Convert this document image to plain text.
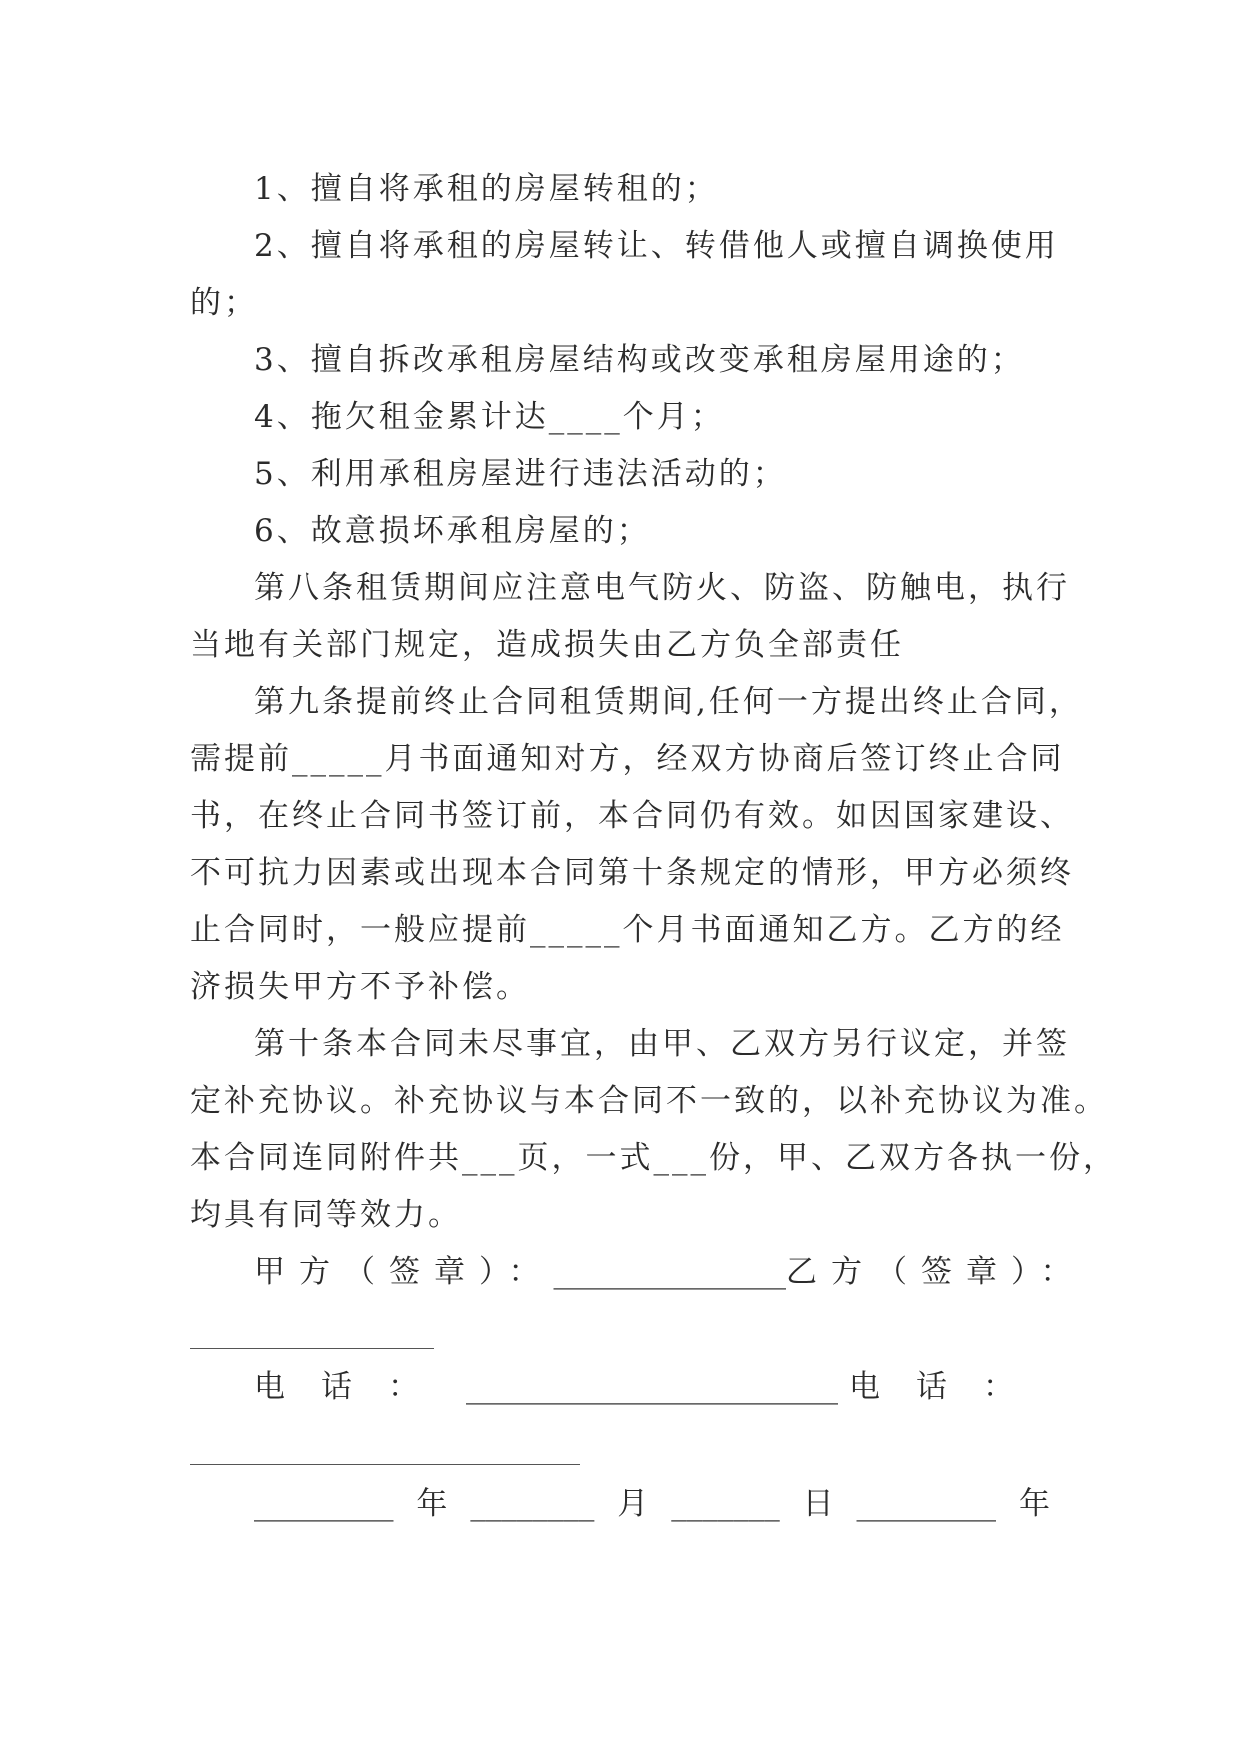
1、擅自将承租的房屋转租的；
2、擅自将承租的房屋转让、转借他人或擅自调换使用
的；
3、擅自拆改承租房屋结构或改变承租房屋用途的；
4、拖欠租金累计达____个月；
5、利用承租房屋进行违法活动的；
6、故意损坏承租房屋的；
第八条租赁期间应注意电气防火、防盗、防触电，执行
当地有关部门规定，造成损失由乙方负全部责任
第九条提前终止合同租赁期间,任何一方提出终止合同，
需提前_____月书面通知对方，经双方协商后签订终止合同
书，在终止合同书签订前，本合同仍有效。如因国家建设、
不可抗力因素或出现本合同第十条规定的情形，甲方必须终
止合同时，一般应提前_____个月书面通知乙方。乙方的经
济损失甲方不予补偿。
第十条本合同未尽事宜，由甲、乙双方另行议定，并签
定补充协议。补充协议与本合同不一致的，以补充协议为准。
本合同连同附件共___页，一式___份，甲、乙双方各执一份，
均具有同等效力。
甲方（签章）： _______________ 乙方（签章）：
电话： ________________________ 电话：
_________ 年 ________ 月 _______ 日 _________ 年
